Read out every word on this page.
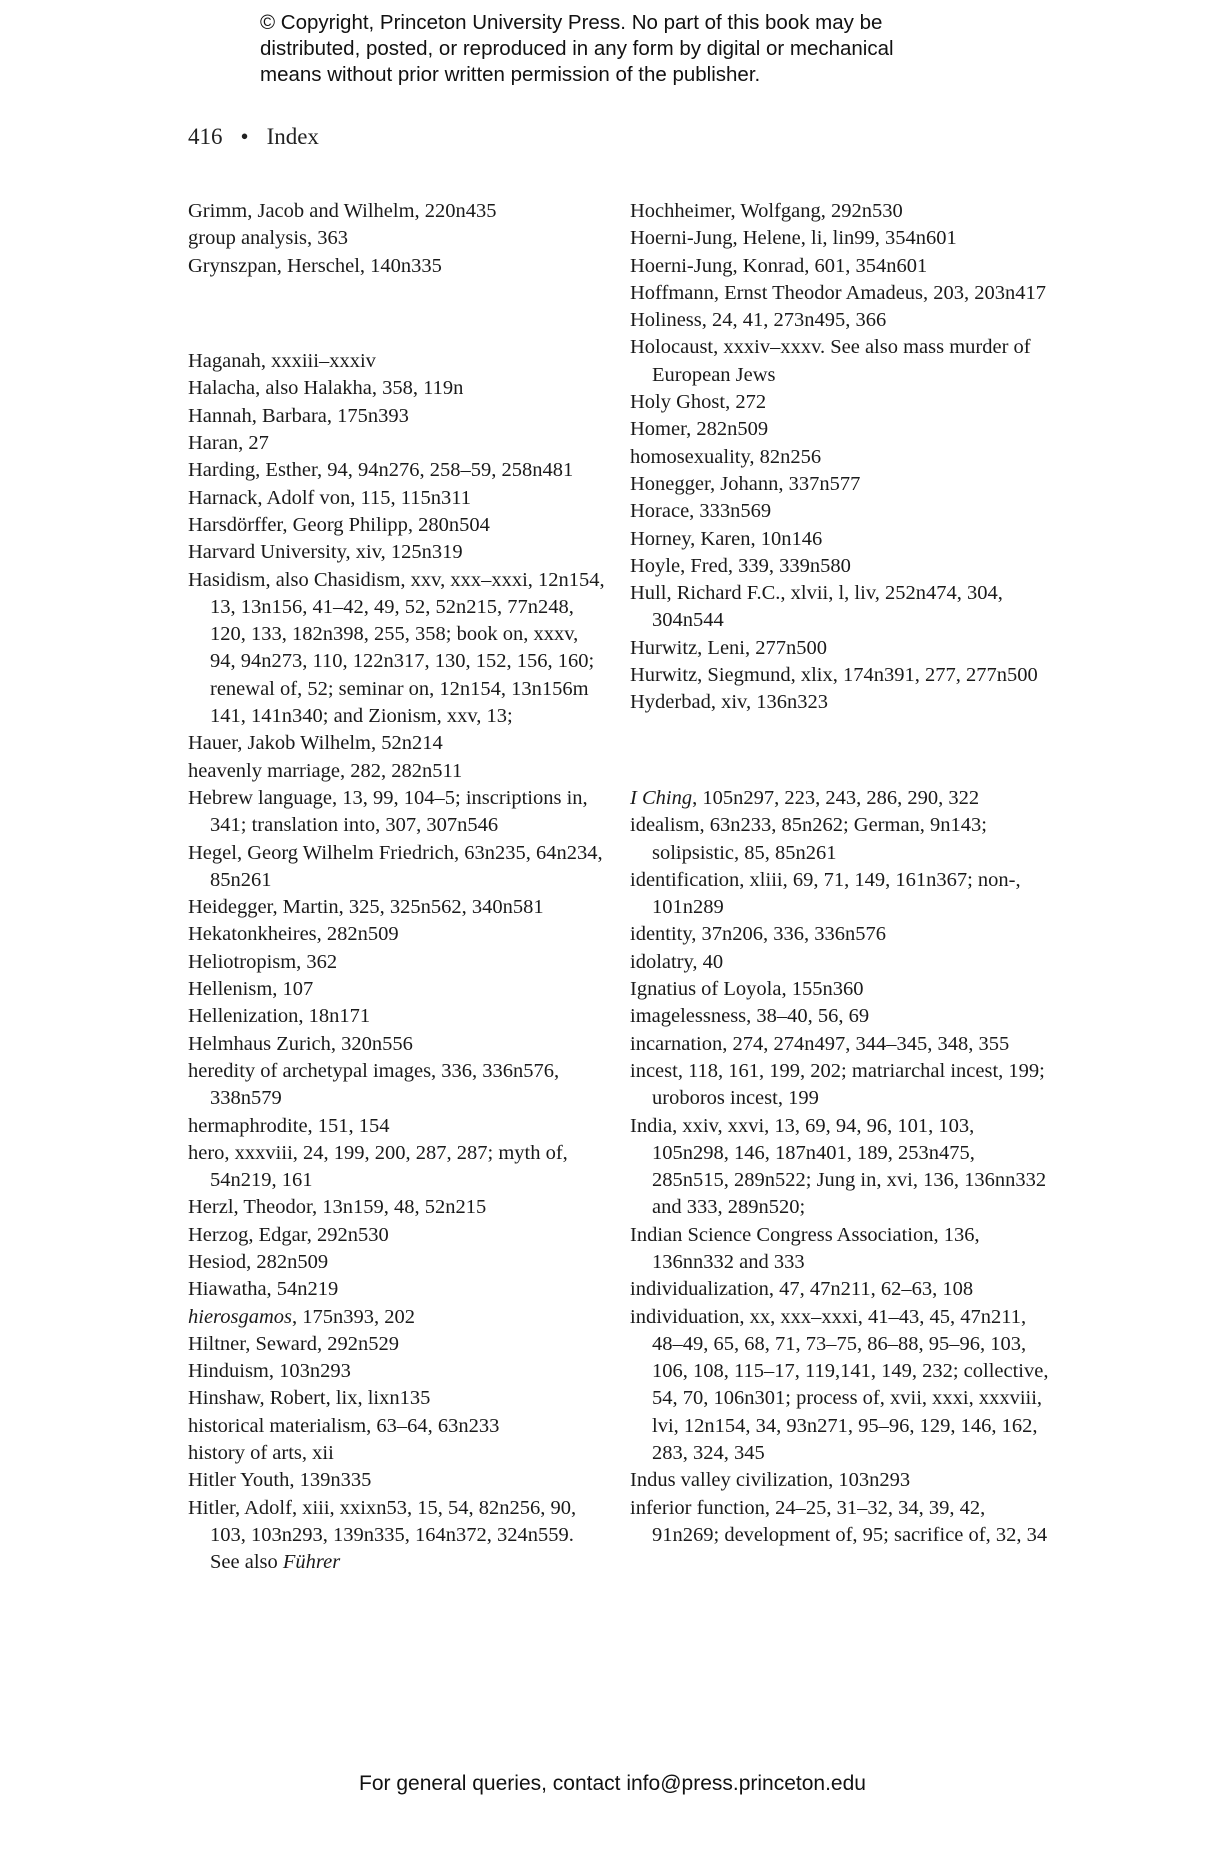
© Copyright, Princeton University Press. No part of this book may be
distributed, posted, or reproduced in any form by digital or mechanical
means without prior written permission of the publisher.
416 • Index

Grimm, Jacob and Wilhelm, 220n435

group analysis, 363

Grynszpan, Herschel, 140n335

Haganah, xxxiii–xxxiv

Halacha, also Halakha, 358, 119n

Hannah, Barbara, 175n393

Haran, 27

Harding, Esther, 94, 94n276, 258–59, 258n481

Harnack, Adolf von, 115, 115n311

Harsdörffer, Georg Philipp, 280n504

Harvard University, xiv, 125n319

Hasidism, also Chasidism, xxv, xxx–xxxi, 12n154, 13, 13n156, 41–42, 49, 52, 52n215, 77n248, 120, 133, 182n398, 255, 358; book on, xxxv, 94, 94n273, 110, 122n317, 130, 152, 156, 160; renewal of, 52; seminar on, 12n154, 13n156m 141, 141n340; and Zionism, xxv, 13;

Hauer, Jakob Wilhelm, 52n214

heavenly marriage, 282, 282n511

Hebrew language, 13, 99, 104–5; inscriptions in, 341; translation into, 307, 307n546

Hegel, Georg Wilhelm Friedrich, 63n235, 64n234, 85n261

Heidegger, Martin, 325, 325n562, 340n581

Hekatonkheires, 282n509

Heliotropism, 362

Hellenism, 107

Hellenization, 18n171

Helmhaus Zurich, 320n556

heredity of archetypal images, 336, 336n576, 338n579

hermaphrodite, 151, 154

hero, xxxviii, 24, 199, 200, 287, 287; myth of, 54n219, 161

Herzl, Theodor, 13n159, 48, 52n215

Herzog, Edgar, 292n530

Hesiod, 282n509

Hiawatha, 54n219

hierosgamos, 175n393, 202

Hiltner, Seward, 292n529

Hinduism, 103n293

Hinshaw, Robert, lix, lixn135

historical materialism, 63–64, 63n233

history of arts, xii

Hitler Youth, 139n335

Hitler, Adolf, xiii, xxixn53, 15, 54, 82n256, 90, 103, 103n293, 139n335, 164n372, 324n559. See also Führer

Hochheimer, Wolfgang, 292n530

Hoerni-Jung, Helene, li, lin99, 354n601

Hoerni-Jung, Konrad, 601, 354n601

Hoffmann, Ernst Theodor Amadeus, 203, 203n417

Holiness, 24, 41, 273n495, 366

Holocaust, xxxiv–xxxv. See also mass murder of European Jews

Holy Ghost, 272

Homer, 282n509

homosexuality, 82n256

Honegger, Johann, 337n577

Horace, 333n569

Horney, Karen, 10n146

Hoyle, Fred, 339, 339n580

Hull, Richard F.C., xlvii, l, liv, 252n474, 304, 304n544

Hurwitz, Leni, 277n500

Hurwitz, Siegmund, xlix, 174n391, 277, 277n500

Hyderbad, xiv, 136n323

I Ching, 105n297, 223, 243, 286, 290, 322

idealism, 63n233, 85n262; German, 9n143; solipsistic, 85, 85n261

identification, xliii, 69, 71, 149, 161n367; non-, 101n289

identity, 37n206, 336, 336n576

idolatry, 40

Ignatius of Loyola, 155n360

imagelessness, 38–40, 56, 69

incarnation, 274, 274n497, 344–345, 348, 355

incest, 118, 161, 199, 202; matriarchal incest, 199; uroboros incest, 199

India, xxiv, xxvi, 13, 69, 94, 96, 101, 103, 105n298, 146, 187n401, 189, 253n475, 285n515, 289n522; Jung in, xvi, 136, 136nn332 and 333, 289n520;

Indian Science Congress Association, 136, 136nn332 and 333

individualization, 47, 47n211, 62–63, 108

individuation, xx, xxx–xxxi, 41–43, 45, 47n211, 48–49, 65, 68, 71, 73–75, 86–88, 95–96, 103, 106, 108, 115–17, 119,141, 149, 232; collective, 54, 70, 106n301; process of, xvii, xxxi, xxxviii, lvi, 12n154, 34, 93n271, 95–96, 129, 146, 162, 283, 324, 345

Indus valley civilization, 103n293

inferior function, 24–25, 31–32, 34, 39, 42, 91n269; development of, 95; sacrifice of, 32, 34

For general queries, contact info@press.princeton.edu
